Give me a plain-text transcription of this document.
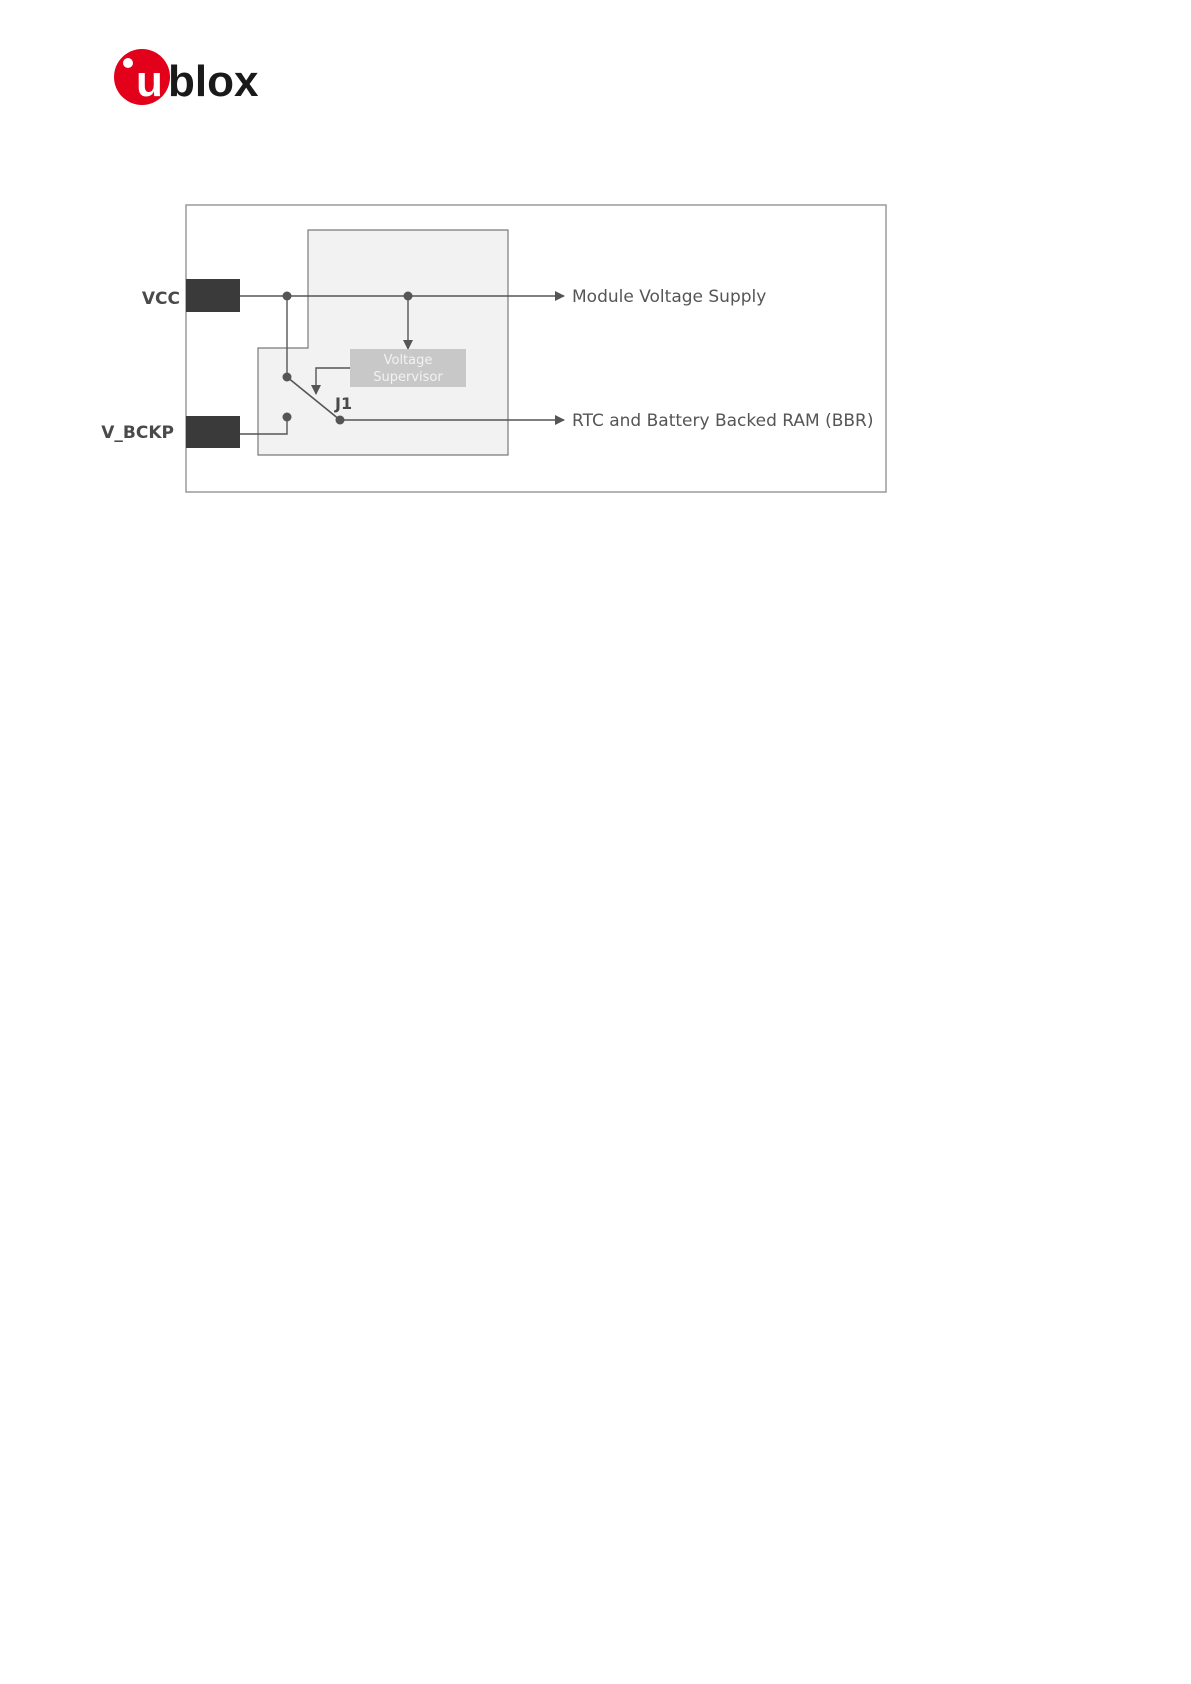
u blox
VCC
V_BCKP
Voltage
Supervisor
J1
Module Voltage Supply
RTC and Battery Backed RAM (BBR)
